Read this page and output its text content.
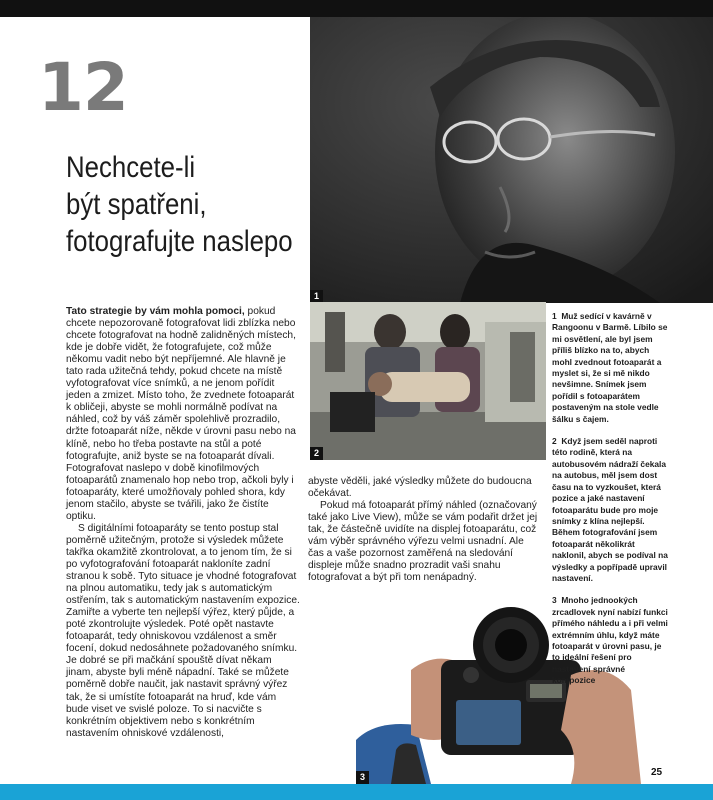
12
Nechcete-li
být spatřeni,
fotografujte naslepo
1
2
3

Tato strategie by vám mohla pomoci, pokud chcete nepozorovaně fotografovat lidi zblízka nebo chcete fotografovat na hodně zalidněných místech, kde je dobře vidět, že fotografujete, což může někomu vadit nebo být nepříjemné. Ale hlavně je tato rada užitečná tehdy, pokud chcete na místě vyfotografovat více snímků, a ne jenom pořídit jeden a zmizet. Místo toho, že zvednete fotoaparát k obličeji, abyste se mohli normálně podívat na náhled, což by váš záměr spolehlivě prozradilo, držte fotoaparát níže, někde v úrovni pasu nebo na klíně, nebo ho třeba postavte na stůl a poté fotografujte, aniž byste se na fotoaparát dívali. Fotografovat naslepo v době kinofilmových fotoaparátů znamenalo hop nebo trop, ačkoli byly i fotoaparáty, které umožňovaly pohled shora, kdy jenom stačilo, abyste se tvářili, jako že čistíte optiku.

S digitálními fotoaparáty se tento postup stal poměrně užitečným, protože si výsledek můžete takřka okamžitě zkontrolovat, a to jenom tím, že si po vyfotografování fotoaparát nakloníte zadní stranou k sobě. Tyto situace je vhodné fotografovat na plnou automatiku, tedy jak s automatickým ostřením, tak s automatickým nastavením expozice. Zamiřte a vyberte ten nejlepší výřez, který půjde, a poté zkontrolujte výsledek. Poté opět nastavte fotoaparát, tedy ohniskovou vzdálenost a směr focení, dokud nedosáhnete požadovaného snímku. Je dobré se při mačkání spouště dívat někam jinam, abyste byli méně nápadní. Také se můžete poměrně dobře naučit, jak nastavit správný výřez tak, že si umístíte fotoaparát na hruď, kde vám bude viset ve svislé poloze. To si nacvičte s konkrétním objektivem nebo s konkrétním nastavením ohniskové vzdálenosti,

abyste věděli, jaké výsledky můžete do budoucna očekávat.

Pokud má fotoaparát přímý náhled (označovaný také jako Live View), může se vám podařit držet jej tak, že částečně uvidíte na displej fotoaparátu, což vám výběr správného výřezu velmi usnadní. Ale čas a vaše pozornost zaměřená na sledování displeje může snadno prozradit vaši snahu fotografovat a být při tom nenápadný.

1 Muž sedící v kavárně v Rangoonu v Barmě. Líbilo se mi osvětlení, ale byl jsem příliš blízko na to, abych mohl zvednout fotoaparát a myslet si, že si mě nikdo nevšimne. Snímek jsem pořídil s fotoaparátem postaveným na stole vedle šálku s čajem.
2 Když jsem seděl naproti této rodině, která na autobusovém nádraží čekala na autobus, měl jsem dost času na to vyzkoušet, která pozice a jaké nastavení fotoaparátu bude pro moje snímky z klína nejlepší. Během fotografování jsem fotoaparát několikrát naklonil, abych se podíval na výsledky a popřípadě upravil nastavení.
3 Mnoho jednookých zrcadlovek nyní nabízí funkci přímého náhledu a i při velmi extrémním úhlu, když máte fotoaparát v úrovni pasu, je to ideální řešení pro nastavení správné kompozice
25
